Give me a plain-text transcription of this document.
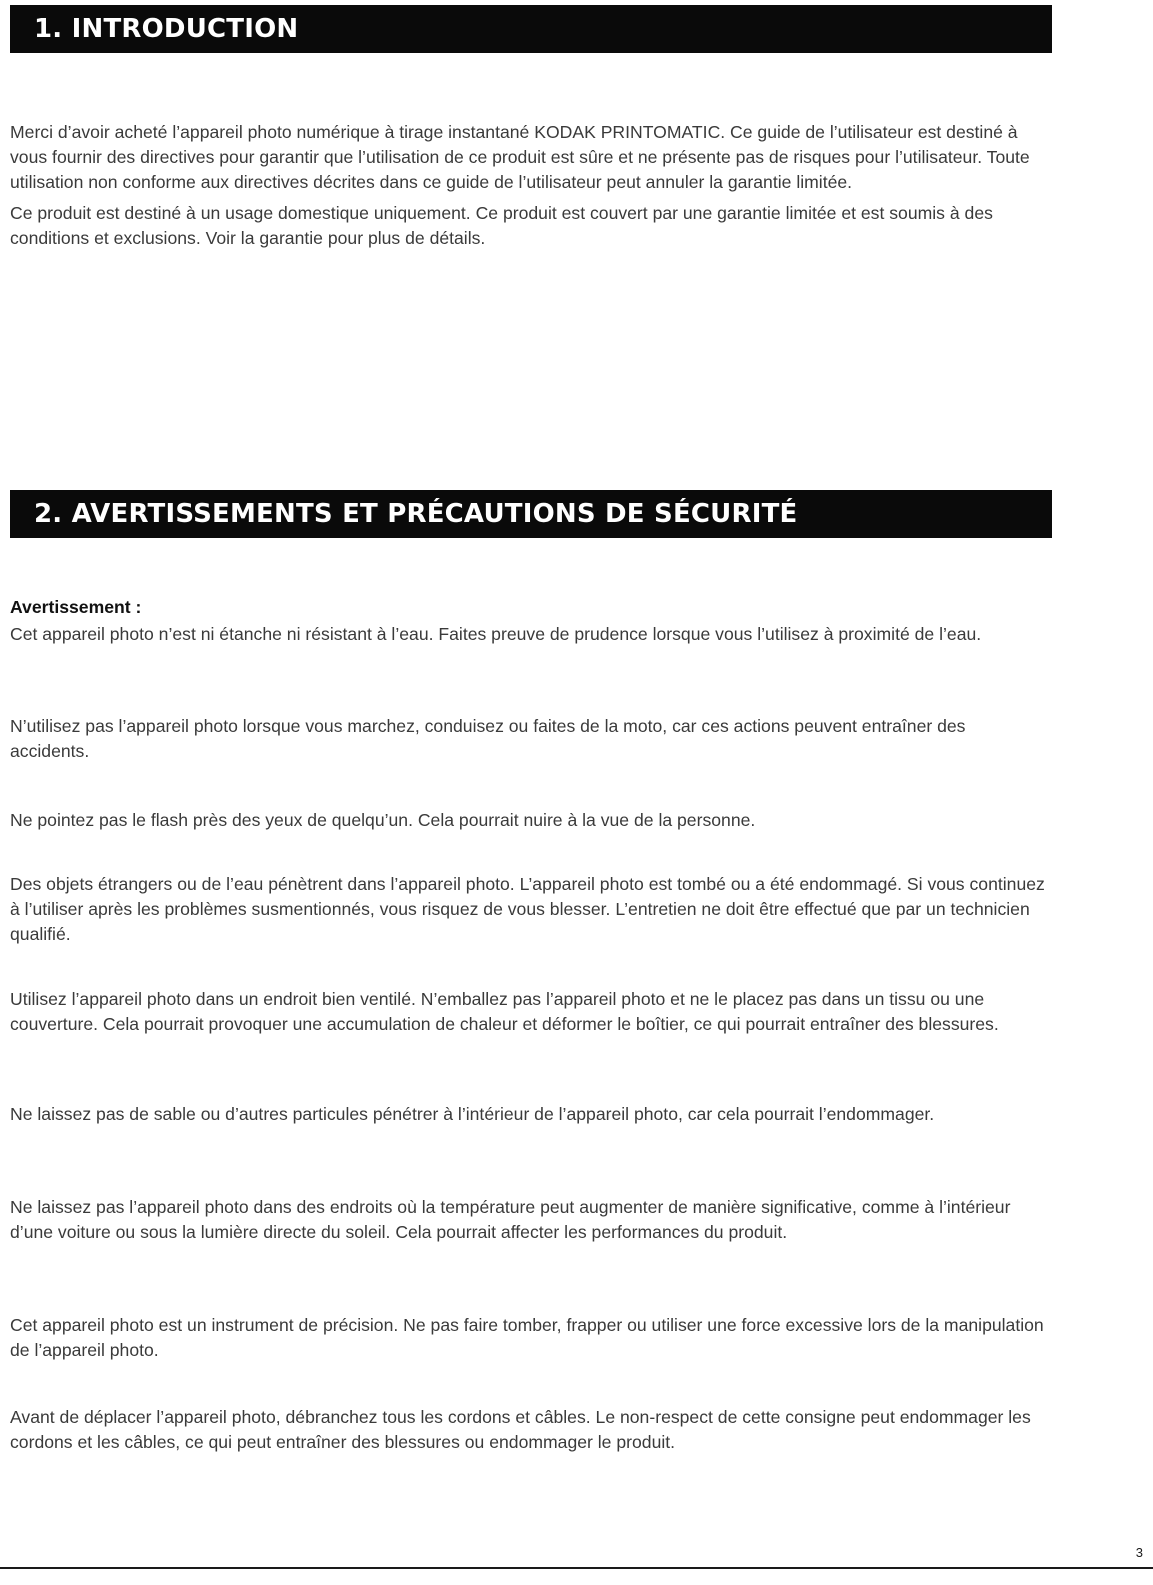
1. INTRODUCTION

Merci d’avoir acheté l’appareil photo numérique à tirage instantané KODAK PRINTOMATIC. Ce guide de l’utilisateur est destiné à vous fournir des directives pour garantir que l’utilisation de ce produit est sûre et ne présente pas de risques pour l’utilisateur. Toute utilisation non conforme aux directives décrites dans ce guide de l’utilisateur peut annuler la garantie limitée.

Ce produit est destiné à un usage domestique uniquement. Ce produit est couvert par une garantie limitée et est soumis à des conditions et exclusions. Voir la garantie pour plus de détails.

2. AVERTISSEMENTS ET PRÉCAUTIONS DE SÉCURITÉ
Avertissement :

Cet appareil photo n’est ni étanche ni résistant à l’eau. Faites preuve de prudence lorsque vous l’utilisez à proximité de l’eau.

N’utilisez pas l’appareil photo lorsque vous marchez, conduisez ou faites de la moto, car ces actions peuvent entraîner des accidents.

Ne pointez pas le flash près des yeux de quelqu’un. Cela pourrait nuire à la vue de la personne.

Des objets étrangers ou de l’eau pénètrent dans l’appareil photo. L’appareil photo est tombé ou a été endommagé. Si vous continuez à l’utiliser après les problèmes susmentionnés, vous risquez de vous blesser. L’entretien ne doit être effectué que par un technicien qualifié.

Utilisez l’appareil photo dans un endroit bien ventilé. N’emballez pas l’appareil photo et ne le placez pas dans un tissu ou une couverture. Cela pourrait provoquer une accumulation de chaleur et déformer le boîtier, ce qui pourrait entraîner des blessures.

Ne laissez pas de sable ou d’autres particules pénétrer à l’intérieur de l’appareil photo, car cela pourrait l’endommager.

Ne laissez pas l’appareil photo dans des endroits où la température peut augmenter de manière significative, comme à l’intérieur d’une voiture ou sous la lumière directe du soleil. Cela pourrait affecter les performances du produit.

Cet appareil photo est un instrument de précision. Ne pas faire tomber, frapper ou utiliser une force excessive lors de la manipulation de l’appareil photo.

Avant de déplacer l’appareil photo, débranchez tous les cordons et câbles. Le non-respect de cette consigne peut endommager les cordons et les câbles, ce qui peut entraîner des blessures ou endommager le produit.

3
